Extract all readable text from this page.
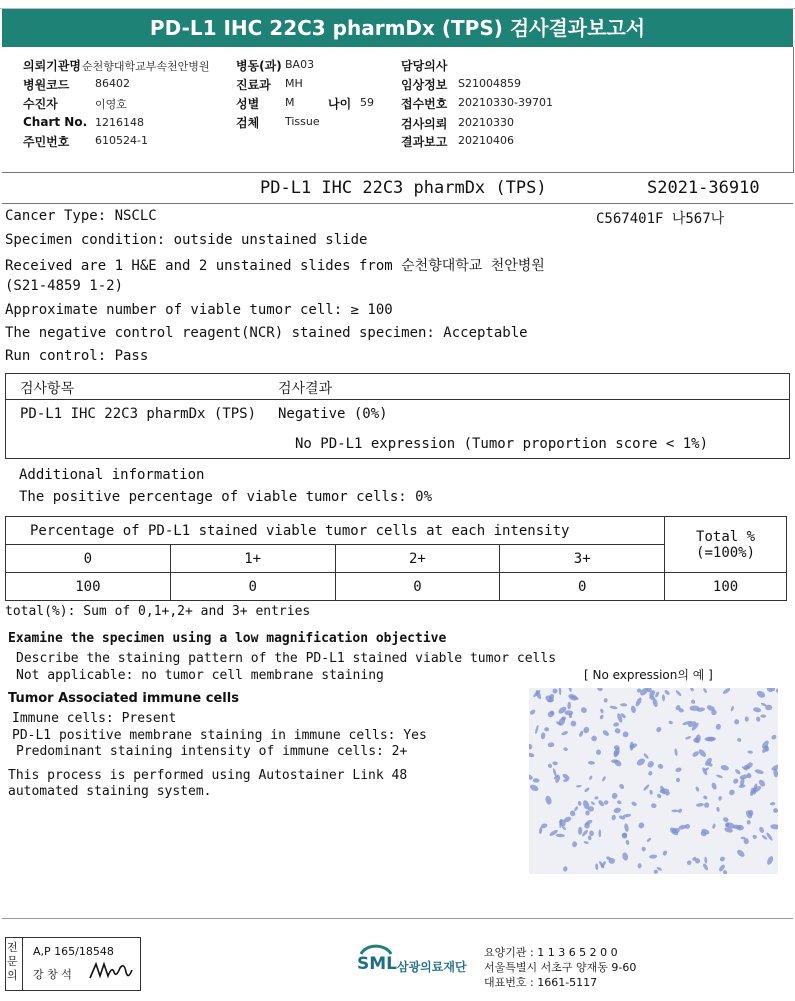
PD-L1 IHC 22C3 pharmDx (TPS) 검사결과보고서
의뢰기관명 순천향대학교부속천안병원
병원코드 86402
수진자	이영호
Chart No. 1216148
주민번호 610524-1
병동(과) BA03
진료과 MH
성별 M	나이 59
검체 Tissue
담당의사
임상정보 S21004859
접수번호 20210330-39701
검사의뢰 20210330
결과보고 20210406
PD-L1 IHC 22C3 pharmDx (TPS)	S2021-36910
Cancer Type: NSCLC	C567401F 나567나
Specimen condition: outside unstained slide
Received are 1 H&E and 2 unstained slides from 순천향대학교 천안병원
(S21-4859 1-2)
Approximate number of viable tumor cell: ≥ 100
The negative control reagent(NCR) stained specimen: Acceptable
Run control: Pass
검사항목	검사결과
PD-L1 IHC 22C3 pharmDx (TPS) Negative (0%)
No PD-L1 expression (Tumor proportion score < 1%)
Additional information
The positive percentage of viable tumor cells: 0%
Percentage of PD-L1 stained viable tumor cells at each intensity				Total %
(=100%)

0	1+	2+	3+	
100	0	0	0	100
total(%): Sum of 0,1+,2+ and 3+ entries
Examine the specimen using a low magnification objective
Describe the staining pattern of the PD-L1 stained viable tumor cells
Not applicable: no tumor cell membrane staining	[ No expression의 예 ]
Tumor Associated immune cells
Immune cells: Present
PD-L1 positive membrane staining in immune cells: Yes
Predominant staining intensity of immune cells: 2+
This process is performed using Autostainer Link 48
automated staining system.
전문의
A,P 165/18548
강 창 석
SML 삼광의료재단
요양기관 : 1 1 3 6 5 2 0 0
서울특별시 서초구 양재동 9-60
대표번호 : 1661-5117
